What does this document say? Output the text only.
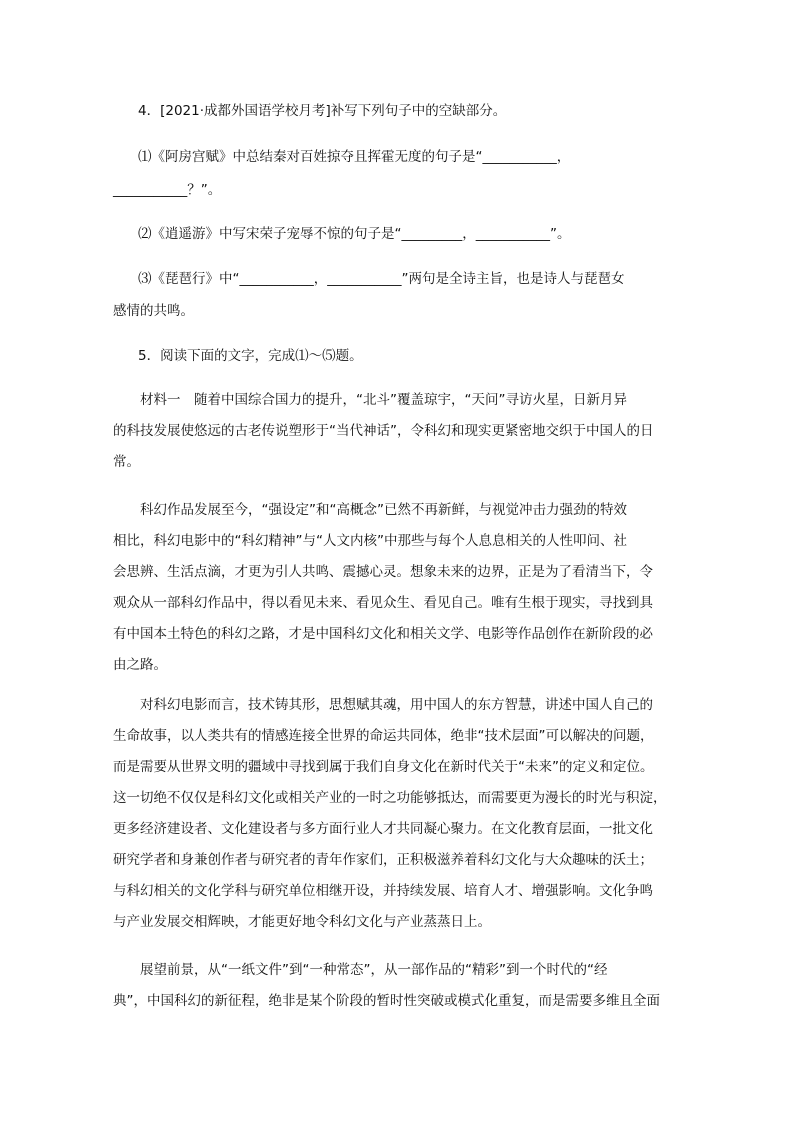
4．[2021·成都外国语学校月考]补写下列句子中的空缺部分。
⑴《阿房宫赋》中总结秦对百姓掠夺且挥霍无度的句子是“___________，
___________？”。
⑵《逍遥游》中写宋荣子宠辱不惊的句子是“_________，___________”。
⑶《琵琶行》中“___________，___________”两句是全诗主旨，也是诗人与琵琶女
感情的共鸣。
5．阅读下面的文字，完成⑴～⑸题。

材料一　随着中国综合国力的提升，“北斗”覆盖琼宇，“天问”寻访火星，日新月异

的科技发展使悠远的古老传说塑形于“当代神话”，令科幻和现实更紧密地交织于中国人的日

常。

科幻作品发展至今，“强设定”和“高概念”已然不再新鲜，与视觉冲击力强劲的特效

相比，科幻电影中的“科幻精神”与“人文内核”中那些与每个人息息相关的人性叩问、社

会思辨、生活点滴，才更为引人共鸣、震撼心灵。想象未来的边界，正是为了看清当下，令

观众从一部科幻作品中，得以看见未来、看见众生、看见自己。唯有生根于现实，寻找到具

有中国本土特色的科幻之路，才是中国科幻文化和相关文学、电影等作品创作在新阶段的必

由之路。

对科幻电影而言，技术铸其形，思想赋其魂，用中国人的东方智慧，讲述中国人自己的

生命故事，以人类共有的情感连接全世界的命运共同体，绝非“技术层面”可以解决的问题，

而是需要从世界文明的疆域中寻找到属于我们自身文化在新时代关于“未来”的定义和定位。

这一切绝不仅仅是科幻文化或相关产业的一时之功能够抵达，而需要更为漫长的时光与积淀，

更多经济建设者、文化建设者与多方面行业人才共同凝心聚力。在文化教育层面，一批文化

研究学者和身兼创作者与研究者的青年作家们，正积极滋养着科幻文化与大众趣味的沃土；

与科幻相关的文化学科与研究单位相继开设，并持续发展、培育人才、增强影响。文化争鸣

与产业发展交相辉映，才能更好地令科幻文化与产业蒸蒸日上。

展望前景，从“一纸文件”到“一种常态”，从一部作品的“精彩”到一个时代的“经

典”，中国科幻的新征程，绝非是某个阶段的暂时性突破或模式化重复，而是需要多维且全面
